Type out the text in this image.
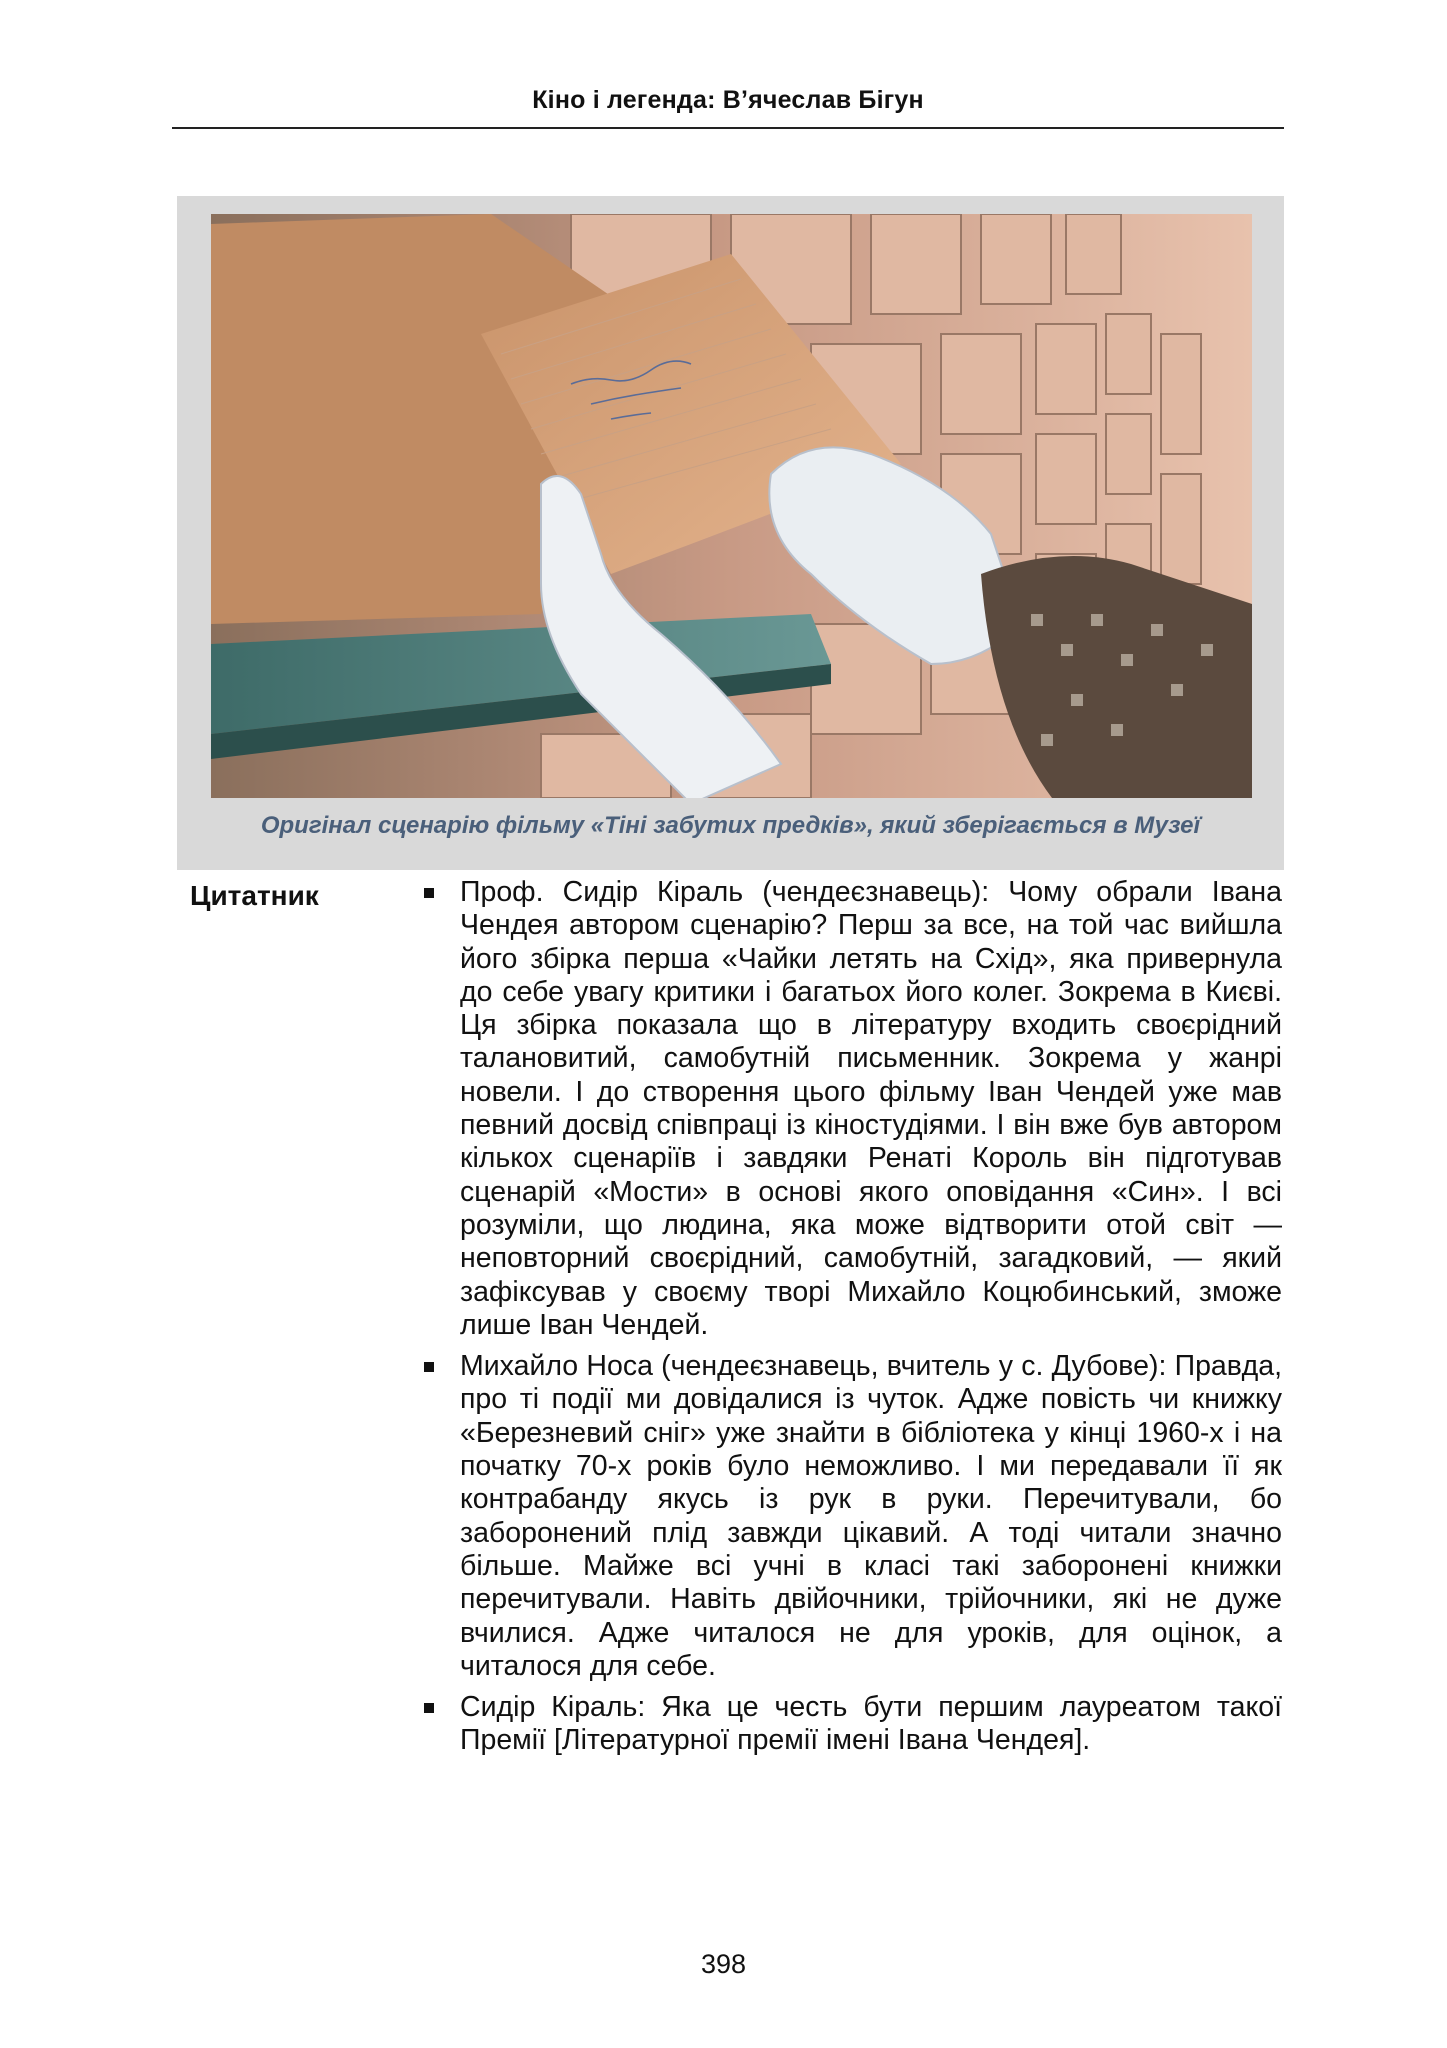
Кіно і легенда: В’ячеслав Бігун
Оригінал сценарію фільму «Тіні забутих предків», який зберігається в Музеї
Цитатник	Проф. Сидір Кіраль (чендеєзнавець): Чому обрали Івана Чендея автором сценарію? Перш за все, на той час вийшла його збірка перша «Чайки летять на Схід», яка привернула до себе увагу критики і багатьох його колег. Зокрема в Києві. Ця збірка показала що в літературу входить своєрідний талановитий, самобутній письменник. Зокрема у жанрі новели. І до створення цього фільму Іван Чендей уже мав певний досвід співпраці із кіностудіями. І він вже був автором кількох сценаріїв і завдяки Ренаті Король він підготував сценарій «Мости» в основі якого оповідання «Син». І всі розуміли, що людина, яка може відтворити отой світ — неповторний своєрідний, самобутній, загадковий, — який зафіксував у своєму творі Михайло Коцюбинський, зможе лише Іван Чендей.
Михайло Носа (чендеєзнавець, вчитель у с. Дубове): Правда, про ті події ми довідалися із чуток. Адже повість чи книжку «Березневий сніг» уже знайти в бібліотека у кінці 1960-х і на початку 70-х років було неможливо. І ми передавали її як контрабанду якусь із рук в руки. Перечитували, бо заборонений плід завжди цікавий. А тоді читали значно більше. Майже всі учні в класі такі заборонені книжки перечитували. Навіть двійочники, трійочники, які не дуже вчилися. Адже читалося не для уроків, для оцінок, а читалося для себе.
Сидір Кіраль: Яка це честь бути першим лауреатом такої Премії [Літературної премії імені Івана Чендея].
398
